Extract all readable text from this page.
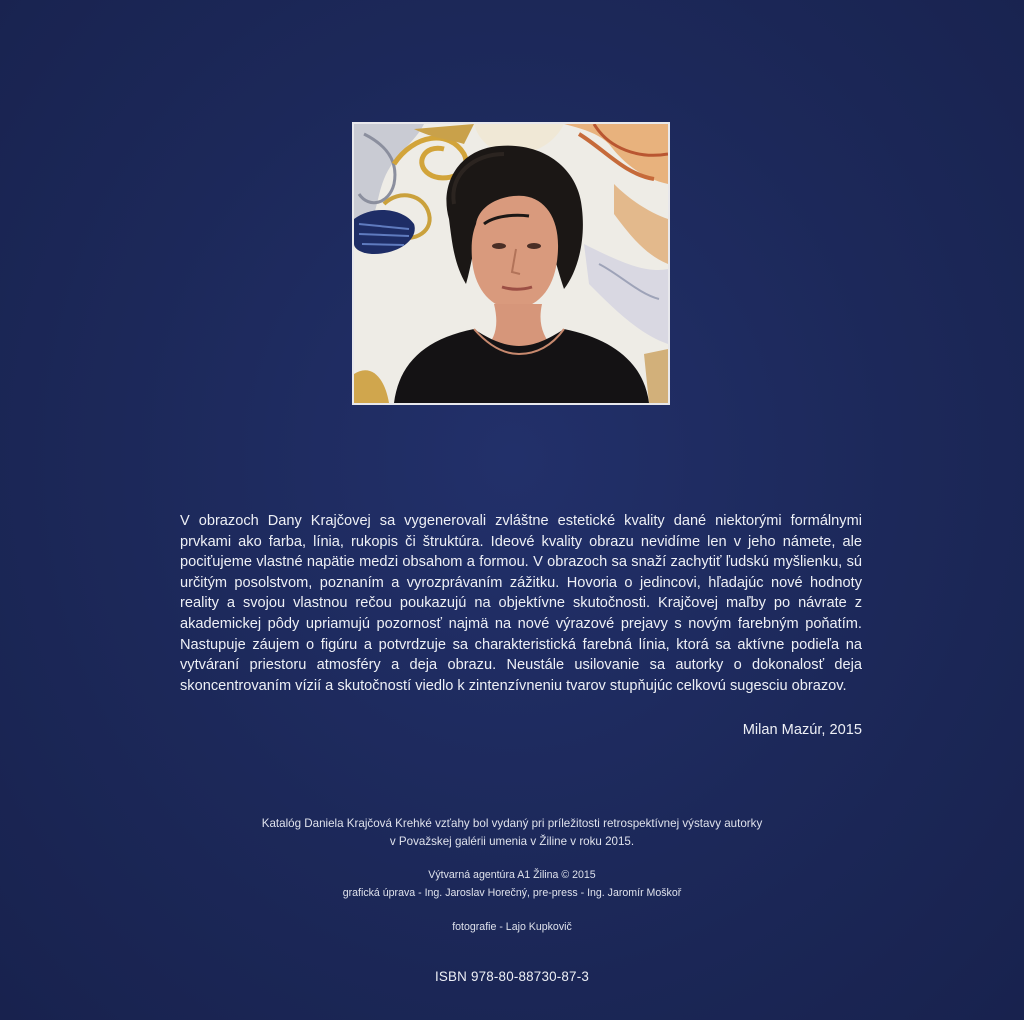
V obrazoch Dany Krajčovej sa vygenerovali zvláštne estetické kvality dané niektorými formálnymi prvkami ako farba, línia, rukopis či štruktúra. Ideové kvality obrazu nevidíme len v jeho námete, ale pociťujeme vlastné napätie medzi obsahom a formou. V obrazoch sa snaží zachytiť ľudskú myšlienku, sú určitým posolstvom, poznaním a vyrozprávaním zážitku. Hovoria o jedincovi, hľadajúc nové hodnoty reality a svojou vlastnou rečou poukazujú na objektívne skutočnosti. Krajčovej maľby po návrate z akademickej pôdy upriamujú pozornosť najmä na nové výrazové prejavy s novým farebným poňatím. Nastupuje záujem o figúru a potvrdzuje sa charakteristická farebná línia, ktorá sa aktívne podieľa na vytváraní priestoru atmosféry a deja obrazu. Neustále usilovanie sa autorky o dokonalosť deja skoncentrovaním vízií a skutočností viedlo k zintenzívneniu tvarov stupňujúc celkovú sugesciu obrazov.

Milan Mazúr, 2015
Katalóg Daniela Krajčová Krehké vzťahy bol vydaný pri príležitosti retrospektívnej výstavy autorky
v Považskej galérii umenia v Žiline v roku 2015.
Výtvarná agentúra A1 Žilina © 2015
grafická úprava - Ing. Jaroslav Horečný, pre-press - Ing. Jaromír Moškoř
fotografie - Lajo Kupkovič
ISBN 978-80-88730-87-3
